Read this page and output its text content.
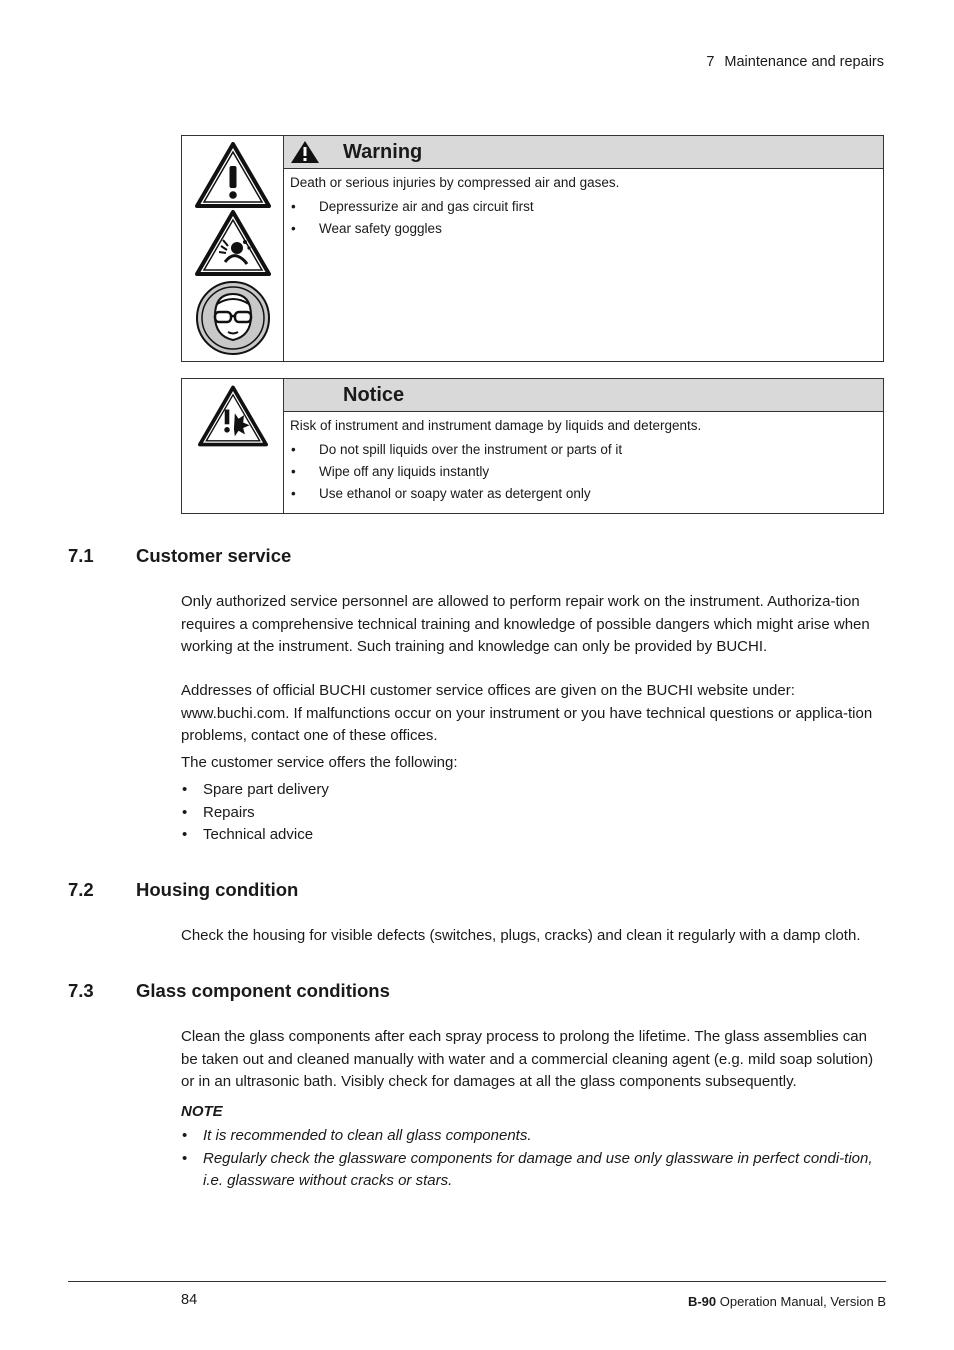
7 Maintenance and repairs
Warning

Death or serious injuries by compressed air and gases.

• Depressurize air and gas circuit first
• Wear safety goggles
Notice

Risk of instrument and instrument damage by liquids and detergents.

• Do not spill liquids over the instrument or parts of it
• Wipe off any liquids instantly
• Use ethanol or soapy water as detergent only
7.1 Customer service

Only authorized service personnel are allowed to perform repair work on the instrument. Authoriza-tion requires a comprehensive technical training and knowledge of possible dangers which might arise when working at the instrument. Such training and knowledge can only be provided by BUCHI.

Addresses of official BUCHI customer service offices are given on the BUCHI website under: www.buchi.com. If malfunctions occur on your instrument or you have technical questions or applica-tion problems, contact one of these offices.

The customer service offers the following:

• Spare part delivery
• Repairs
• Technical advice
7.2 Housing condition

Check the housing for visible defects (switches, plugs, cracks) and clean it regularly with a damp cloth.

7.3 Glass component conditions

Clean the glass components after each spray process to prolong the lifetime. The glass assemblies can be taken out and cleaned manually with water and a commercial cleaning agent (e.g. mild soap solution) or in an ultrasonic bath. Visibly check for damages at all the glass components subsequently.

NOTE
• It is recommended to clean all glass components.
• Regularly check the glassware components for damage and use only glassware in perfect condi-tion, i.e. glassware without cracks or stars.
84	B-90 Operation Manual, Version B
